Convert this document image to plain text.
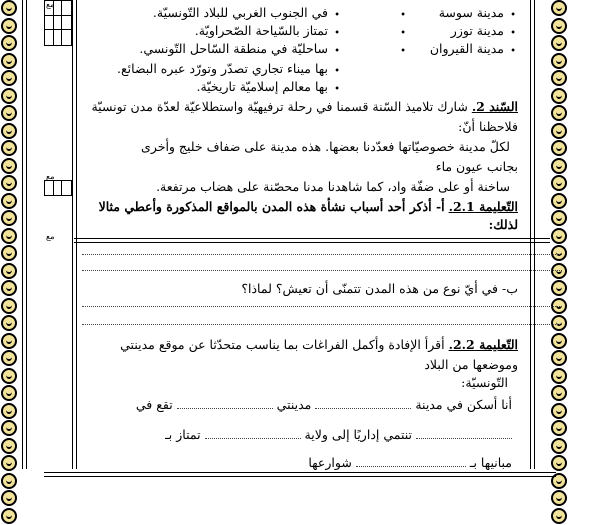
مع
مع
مع
مدينة سوسة
مدينة توزر
مدينة القيروان
في الجنوب الغربي للبلاد التّونسيّة.
تمتاز بالسّياحة الصّحراويّة.
ساحليّة في منطقة السّاحل التّونسي.
بها ميناء تجاري تصدّر وتورّد عبره البضائع.
بها معالم إسلاميّة تاريخيّة.
•
•
•
•
•
•
•
•
•
•
•
السّند 2. شارك تلاميذ السّنة قسمنا في رحلة ترفيهيّة واستطلاعيّة لعدّة مدن تونسيّة
فلاحظنا أنّ:
لكلّ مدينة خصوصيّاتها فعدّدنا بعضها. هذه مدينة على ضفاف خليج وأخرى
بجانب عيون ماء
ساخنة أو على ضفّة واد، كما شاهدنا مدنا محصّنة على هضاب مرتفعة.
التّعليمة 2.1. أ- أذكر أحد أسباب نشأة هذه المدن بالمواقع المذكورة وأعطي مثالا
لذلك:
ب- في أيّ نوع من هذه المدن تتمنّى أن تعيش؟ لماذا؟
التّعليمة 2.2. أقرأ الإفادة وأكمل الفراغات بما يناسب متحدّثا عن موقع مدينتي
وموضعها من البلاد
التّونسيّة:
أنا أسكن في مدينة  مدينتي  تقع في
تنتمي إداريًا إلى ولاية  تمتاز بـ
مبانيها بـ  شوارعها
